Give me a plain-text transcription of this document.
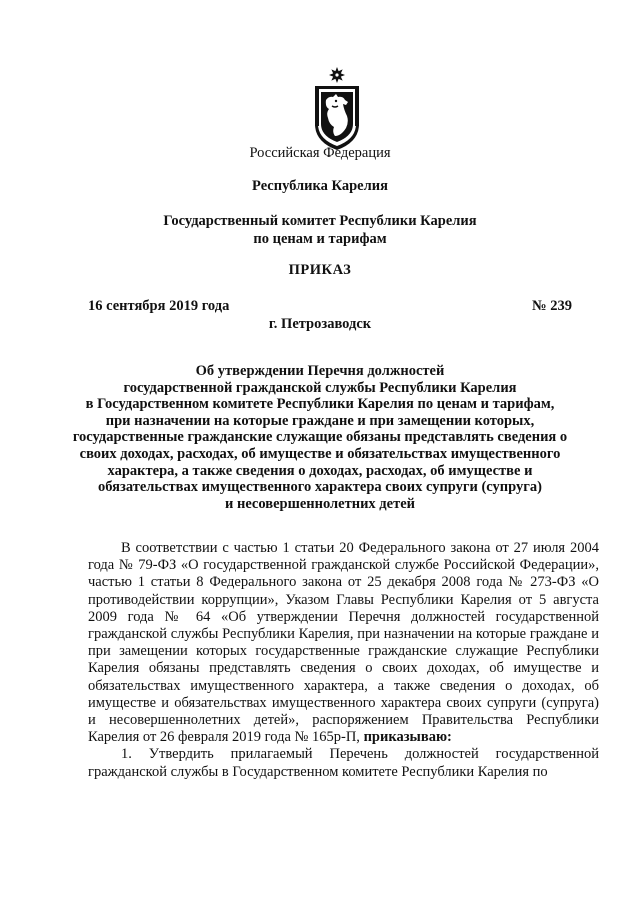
Российская Федерация
Республика Карелия
Государственный комитет Республики Карелия
по ценам и тарифам
ПРИКАЗ
16 сентября 2019 года	№ 239
г. Петрозаводск
Об утверждении Перечня должностей
государственной гражданской службы Республики Карелия
в Государственном комитете Республики Карелия по ценам и тарифам,
при назначении на которые граждане и при замещении которых,
государственные гражданские служащие обязаны представлять сведения о
своих доходах, расходах, об имуществе и обязательствах имущественного
характера, а также сведения о доходах, расходах, об имуществе и
обязательствах имущественного характера своих супруги (супруга)
и несовершеннолетних детей

В соответствии с частью 1 статьи 20 Федерального закона от 27 июля 2004 года № 79-ФЗ «О государственной гражданской службе Российской Федерации», частью 1 статьи 8 Федерального закона от 25 декабря 2008 года № 273-ФЗ «О противодействии коррупции», Указом Главы Республики Карелия от 5 августа 2009 года № 64 «Об утверждении Перечня должностей государственной гражданской службы Республики Карелия, при назначении на которые граждане и при замещении которых государственные гражданские служащие Республики Карелия обязаны представлять сведения о своих доходах, об имуществе и обязательствах имущественного характера, а также сведения о доходах, об имуществе и обязательствах имущественного характера своих супруги (супруга) и несовершеннолетних детей», распоряжением Правительства Республики Карелия от 26 февраля 2019 года № 165р-П, приказываю:

1. Утвердить прилагаемый Перечень должностей государственной гражданской службы в Государственном комитете Республики Карелия по
